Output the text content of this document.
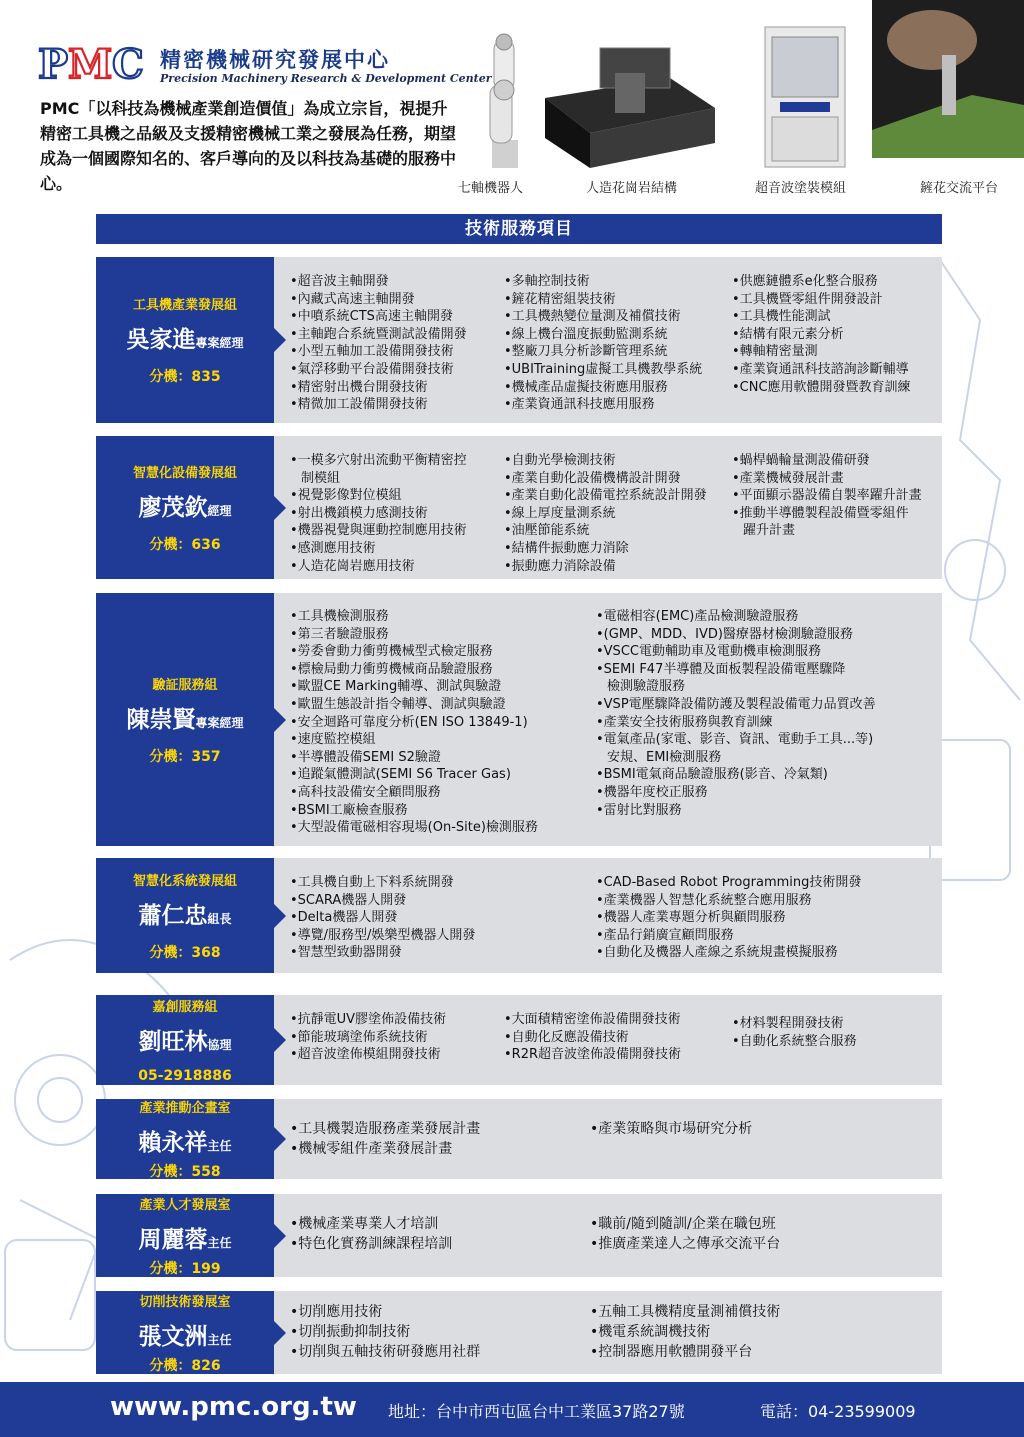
P M C 精密機械研究發展中心
Precision Machinery Research & Development Center
PMC「以科技為機械產業創造價值」為成立宗旨，視提升精密工具機之品級及支援精密機械工業之發展為任務，期望成為一個國際知名的、客戶導向的及以科技為基礎的服務中心。	七軸機器人	人造花崗岩結構	超音波塗裝模組	鏟花交流平台
技術服務項目
工具機產業發展組
吳家進專案經理
分機：835
•超音波主軸開發
•內藏式高速主軸開發
•中噴系統CTS高速主軸開發
•主軸跑合系統暨測試設備開發
•小型五軸加工設備開發技術
•氣浮移動平台設備開發技術
•精密射出機台開發技術
•精微加工設備開發技術
•多軸控制技術
•鏟花精密組裝技術
•工具機熱變位量測及補償技術
•線上機台溫度振動監測系統
•整廠刀具分析診斷管理系統
•UBITraining虛擬工具機教學系統
•機械產品虛擬技術應用服務
•產業資通訊科技應用服務
•供應鏈體系e化整合服務
•工具機暨零組件開發設計
•工具機性能測試
•結構有限元素分析
•轉軸精密量測
•產業資通訊科技諮詢診斷輔導
•CNC應用軟體開發暨教育訓練
智慧化設備發展組
廖茂欽經理
分機：636
•一模多穴射出流動平衡精密控
制模組
•視覺影像對位模組
•射出機鎖模力感測技術
•機器視覺與運動控制應用技術
•感測應用技術
•人造花崗岩應用技術
•自動光學檢測技術
•產業自動化設備機構設計開發
•產業自動化設備電控系統設計開發
•線上厚度量測系統
•油壓節能系統
•結構件振動應力消除
•振動應力消除設備
•蝸桿蝸輪量測設備研發
•產業機械發展計畫
•平面顯示器設備自製率躍升計畫
•推動半導體製程設備暨零組件
躍升計畫
驗証服務組
陳崇賢專案經理
分機：357
•工具機檢測服務
•第三者驗證服務
•勞委會動力衝剪機械型式檢定服務
•標檢局動力衝剪機械商品驗證服務
•歐盟CE Marking輔導、測試與驗證
•歐盟生態設計指令輔導、測試與驗證
•安全迴路可靠度分析(EN ISO 13849-1)
•速度監控模組
•半導體設備SEMI S2驗證
•追蹤氣體測試(SEMI S6 Tracer Gas)
•高科技設備安全顧問服務
•BSMI工廠檢查服務
•大型設備電磁相容現場(On-Site)檢測服務
•電磁相容(EMC)產品檢測驗證服務
•(GMP、MDD、IVD)醫療器材檢測驗證服務
•VSCC電動輔助車及電動機車檢測服務
•SEMI F47半導體及面板製程設備電壓驟降
檢測驗證服務
•VSP電壓驟降設備防護及製程設備電力品質改善
•產業安全技術服務與教育訓練
•電氣產品(家電、影音、資訊、電動手工具...等)
安規、EMI檢測服務
•BSMI電氣商品驗證服務(影音、冷氣類)
•機器年度校正服務
•雷射比對服務
智慧化系統發展組
蕭仁忠組長
分機：368
•工具機自動上下料系統開發
•SCARA機器人開發
•Delta機器人開發
•導覽/服務型/娛樂型機器人開發
•智慧型致動器開發
•CAD-Based Robot Programming技術開發
•產業機器人智慧化系統整合應用服務
•機器人產業專題分析與顧問服務
•產品行銷廣宣顧問服務
•自動化及機器人產線之系統規畫模擬服務
嘉創服務組
劉旺林協理
05-2918886
•抗靜電UV膠塗佈設備技術
•節能玻璃塗佈系統技術
•超音波塗佈模組開發技術
•大面積精密塗佈設備開發技術
•自動化反應設備技術
•R2R超音波塗佈設備開發技術
•材料製程開發技術
•自動化系統整合服務
產業推動企畫室
賴永祥主任
分機：558
•工具機製造服務產業發展計畫
•機械零組件產業發展計畫
•產業策略與市場研究分析
產業人才發展室
周麗蓉主任
分機：199
•機械產業專業人才培訓
•特色化實務訓練課程培訓
•職前/隨到隨訓/企業在職包班
•推廣產業達人之傳承交流平台
切削技術發展室
張文洲主任
分機：826
•切削應用技術
•切削振動抑制技術
•切削與五軸技術研發應用社群
•五軸工具機精度量測補償技術
•機電系統調機技術
•控制器應用軟體開發平台
www.pmc.org.tw 地址：台中市西屯區台中工業區37路27號	電話：04-23599009
